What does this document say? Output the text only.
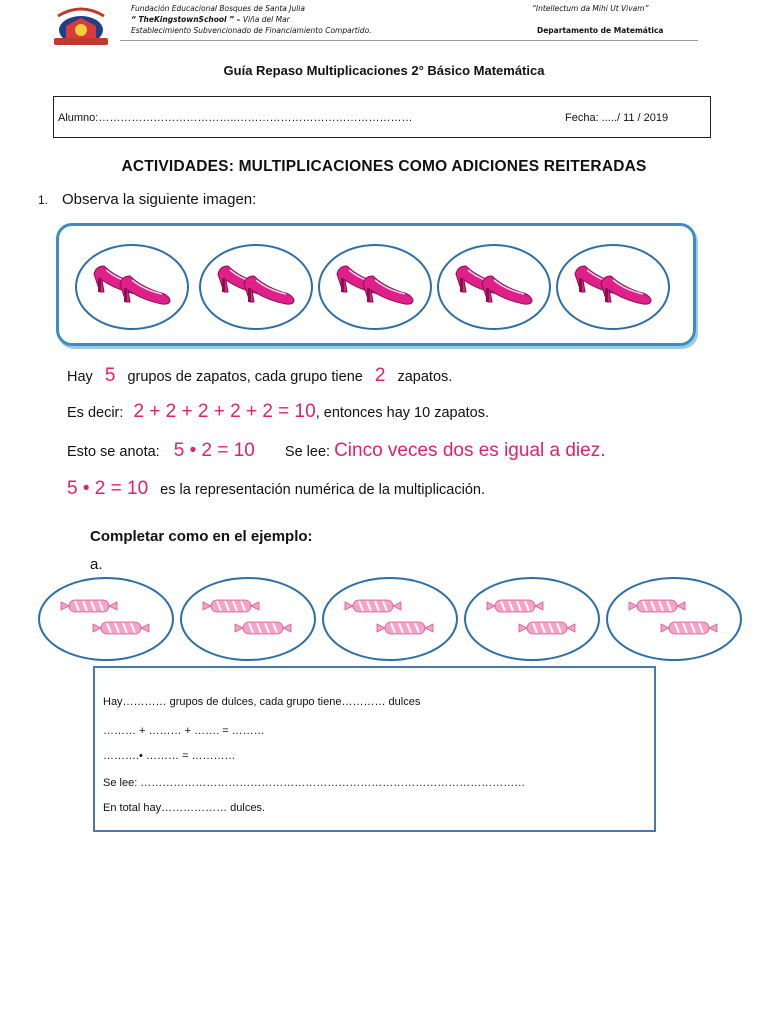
Fundación Educacional Bosques de Santa Julia
“ TheKingstownSchool ” – Viña del Mar
Establecimiento Subvencionado de Financiamiento Compartido.
“Intellectum da Mihi Ut Vivam”
Departamento de Matemática
Guía Repaso Multiplicaciones 2° Básico Matemática
Alumno:………………………………..…………………………………………	Fecha: ...../ 11 / 2019
ACTIVIDADES: MULTIPLICACIONES COMO ADICIONES REITERADAS
1. Observa la siguiente imagen:
Hay 5 grupos de zapatos, cada grupo tiene 2 zapatos.
Es decir: 2 + 2 + 2 + 2 + 2 = 10, entonces hay 10 zapatos.
Esto se anota: 5 • 2 = 10 Se lee: Cinco veces dos es igual a diez.
5 • 2 = 10 es la representación numérica de la multiplicación.
Completar como en el ejemplo:
a.
Hay………… grupos de dulces, cada grupo tiene………… dulces
……… + ……… + ……. = ………
……….• ……… = …………
Se lee: ……………………………………………………………………………………………
En total hay……………… dulces.
